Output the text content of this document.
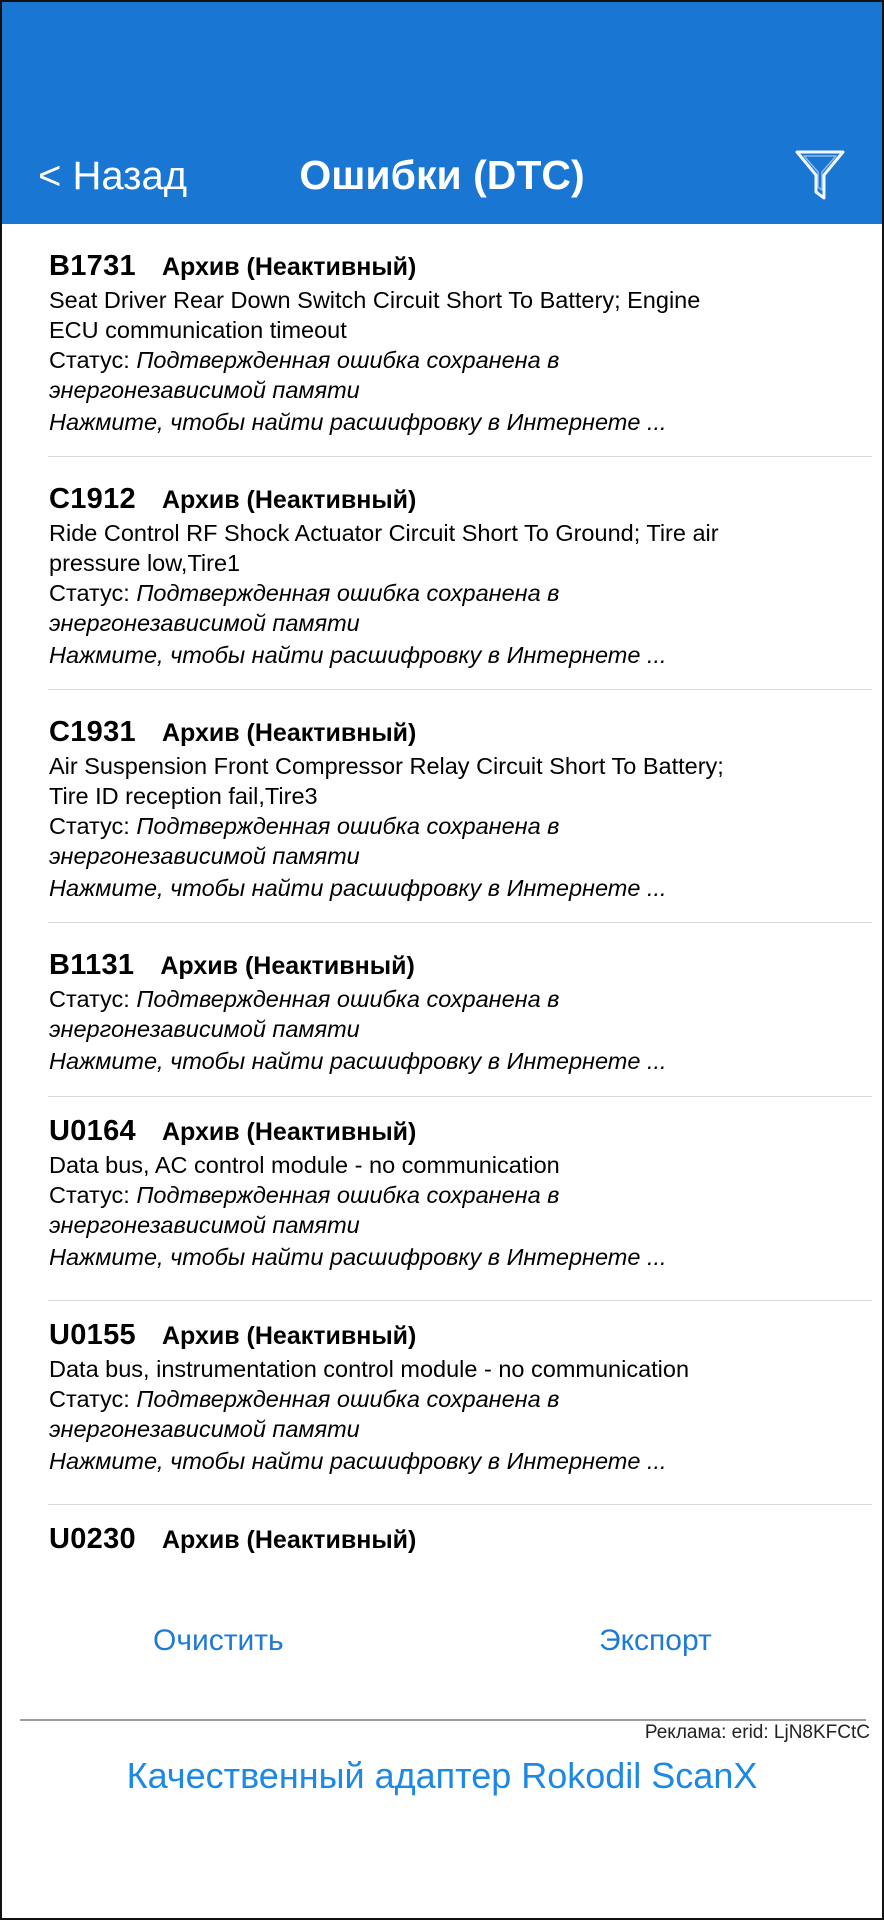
< Назад	Ошибки (DTC)
B1731 Архив (Неактивный)
Seat Driver Rear Down Switch Circuit Short To Battery; Engine
ECU communication timeout
Статус: Подтвержденная ошибка сохранена в
энергонезависимой памяти
Нажмите, чтобы найти расшифровку в Интернете ...
C1912 Архив (Неактивный)
Ride Control RF Shock Actuator Circuit Short To Ground; Tire air
pressure low,Tire1
Статус: Подтвержденная ошибка сохранена в
энергонезависимой памяти
Нажмите, чтобы найти расшифровку в Интернете ...
C1931 Архив (Неактивный)
Air Suspension Front Compressor Relay Circuit Short To Battery;
Tire ID reception fail,Tire3
Статус: Подтвержденная ошибка сохранена в
энергонезависимой памяти
Нажмите, чтобы найти расшифровку в Интернете ...
B1131 Архив (Неактивный)
Статус: Подтвержденная ошибка сохранена в
энергонезависимой памяти
Нажмите, чтобы найти расшифровку в Интернете ...
U0164 Архив (Неактивный)
Data bus, AC control module - no communication
Статус: Подтвержденная ошибка сохранена в
энергонезависимой памяти
Нажмите, чтобы найти расшифровку в Интернете ...
U0155 Архив (Неактивный)
Data bus, instrumentation control module - no communication
Статус: Подтвержденная ошибка сохранена в
энергонезависимой памяти
Нажмите, чтобы найти расшифровку в Интернете ...
U0230 Архив (Неактивный)
Очистить	Экспорт
Реклама: erid: LjN8KFCtC
Качественный адаптер Rokodil ScanX
